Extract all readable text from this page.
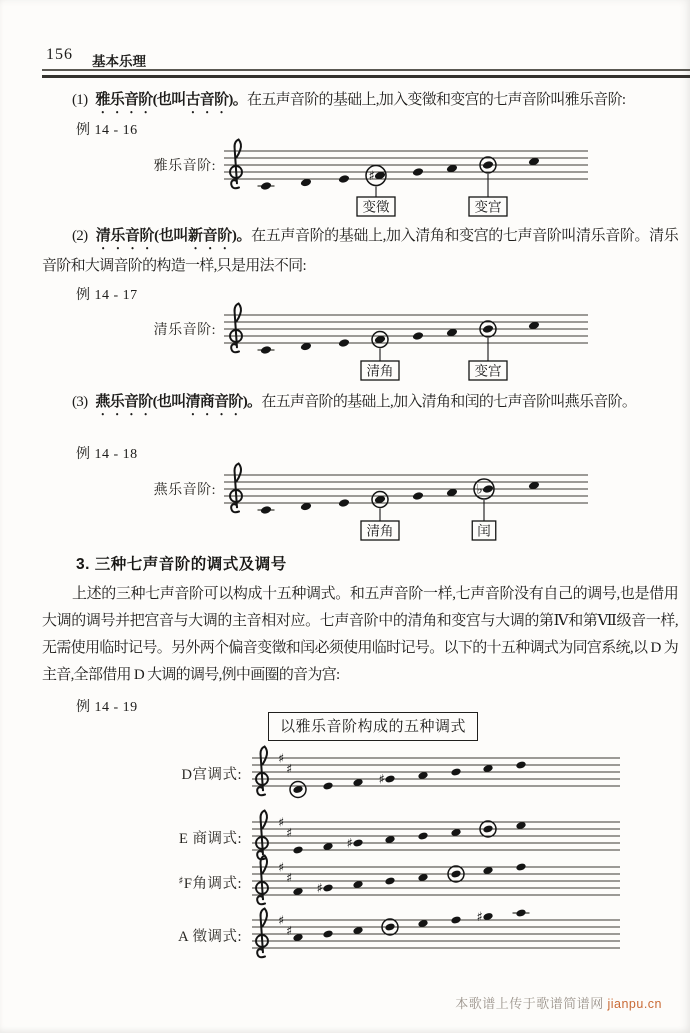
156 基本乐理

(1) 雅乐音阶(也叫古音阶)。在五声音阶的基础上,加入变徵和变宫的七声音阶叫雅乐音阶:

例 14 - 16
雅乐音阶:
♯
变徵	变宫

(2) 清乐音阶(也叫新音阶)。在五声音阶的基础上,加入清角和变宫的七声音阶叫清乐音阶。清乐音阶和大调音阶的构造一样,只是用法不同:

例 14 - 17
清乐音阶:
清角	变宫

(3) 燕乐音阶(也叫清商音阶)。在五声音阶的基础上,加入清角和闰的七声音阶叫燕乐音阶。

例 14 - 18
燕乐音阶:
清角
♭
闰
3. 三种七声音阶的调式及调号

上述的三种七声音阶可以构成十五种调式。和五声音阶一样,七声音阶没有自己的调号,也是借用大调的调号并把宫音与大调的主音相对应。七声音阶中的清角和变宫与大调的第Ⅳ和第Ⅶ级音一样,无需使用临时记号。另外两个偏音变徵和闰必须使用临时记号。以下的十五种调式为同宫系统,以 D 为主音,全部借用 D 大调的调号,例中画圈的音为宫:

例 14 - 19
以雅乐音阶构成的五种调式
D宫调式:
♯
♯
♯
E 商调式:
♯
♯
♯
♯F角调式:
♯
♯
♯
A 徵调式:
♯
♯
♯
本歌谱上传于歌谱简谱网 jianpu.cn
